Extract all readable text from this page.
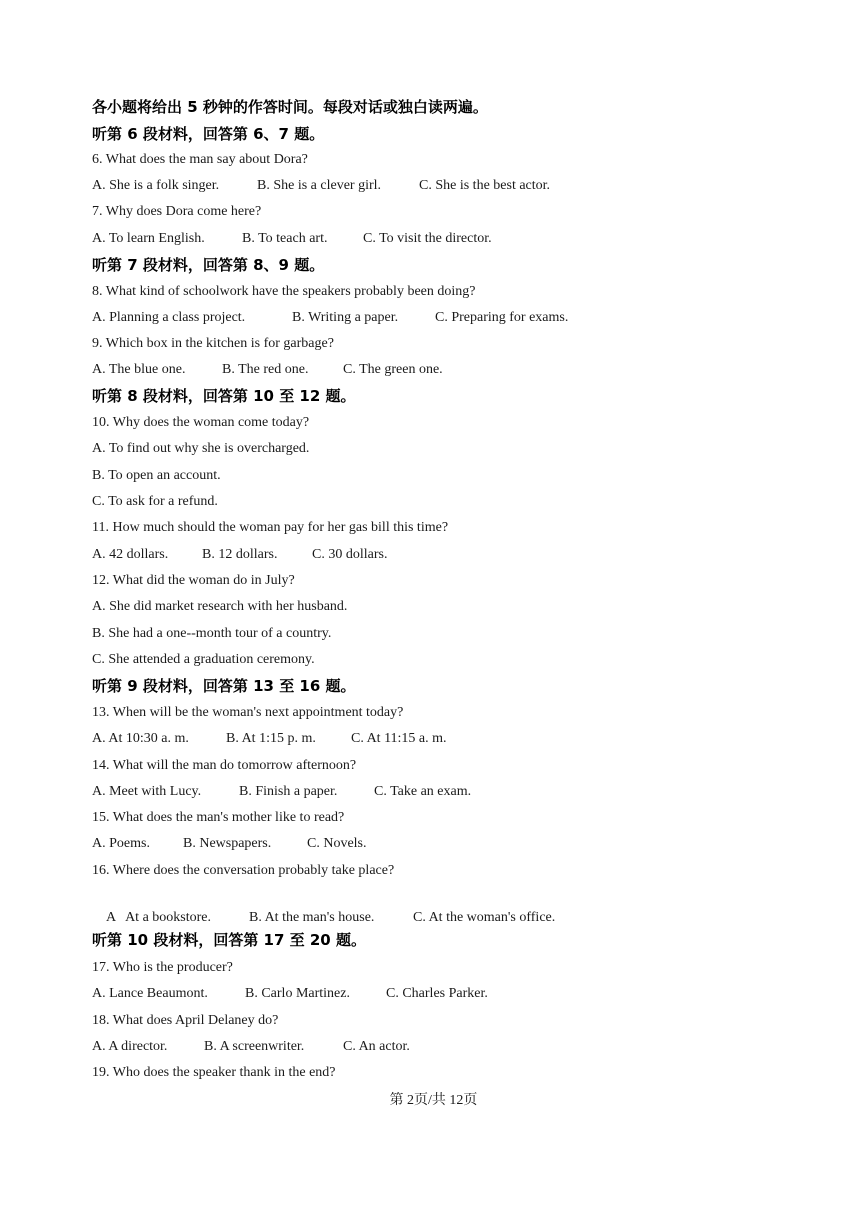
各小题将给出 5 秒钟的作答时间。每段对话或独白读两遍。
听第 6 段材料，回答第 6、7 题。
6. What does the man say about Dora?
A. She is a folk singer.	B. She is a clever girl.	C. She is the best actor.
7. Why does Dora come here?
A. To learn English.	B. To teach art.	C. To visit the director.
听第 7 段材料，回答第 8、9 题。
8. What kind of schoolwork have the speakers probably been doing?
A. Planning a class project.	B. Writing a paper.	C. Preparing for exams.
9. Which box in the kitchen is for garbage?
A. The blue one.	B. The red one. C. The green one.
听第 8 段材料，回答第 10 至 12 题。
10. Why does the woman come today?
A. To find out why she is overcharged.
B. To open an account.
C. To ask for a refund.
11. How much should the woman pay for her gas bill this time?
A. 42 dollars. B. 12 dollars. C. 30 dollars.
12. What did the woman do in July?
A. She did market research with her husband.
B. She had a one--month tour of a country.
C. She attended a graduation ceremony.
听第 9 段材料，回答第 13 至 16 题。
13. When will be the woman's next appointment today?
A. At 10:30 a. m.	B. At 1:15 p. m.	C. At 11:15 a. m.
14. What will the man do tomorrow afternoon?
A. Meet with Lucy.	B. Finish a paper.	C. Take an exam.
15. What does the man's mother like to read?
A. Poems. B. Newspapers.	C. Novels.
16. Where does the conversation probably take place?

A   At a bookstore.	B. At the man's house.	C. At the woman's office.

听第 10 段材料，回答第 17 至 20 题。
17. Who is the producer?
A. Lance Beaumont.	B. Carlo Martinez.	C. Charles Parker.
18. What does April Delaney do?
A. A director.	B. A screenwriter.	C. An actor.
19. Who does the speaker thank in the end?
第 2页/共 12页
